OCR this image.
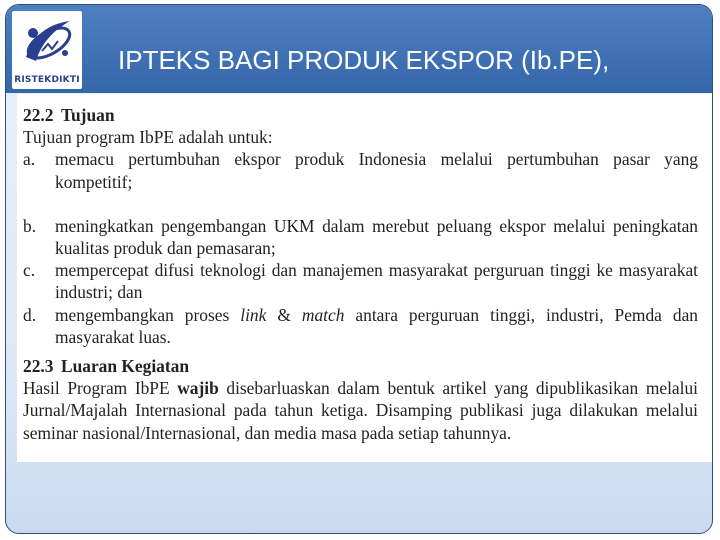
RISTEKDIKTI
IPTEKS BAGI PRODUK EKSPOR (Ib.PE),
22.2 Tujuan
Tujuan program IbPE adalah untuk:
a.	memacu pertumbuhan ekspor produk Indonesia melalui pertumbuhan pasar yang
kompetitif;
b.	meningkatkan pengembangan UKM dalam merebut peluang ekspor melalui peningkatan
kualitas produk dan pemasaran;
c.	mempercepat difusi teknologi dan manajemen masyarakat perguruan tinggi ke masyarakat
industri; dan
d.	mengembangkan proses link & match antara perguruan tinggi, industri, Pemda dan
masyarakat luas.
22.3 Luaran Kegiatan
Hasil Program IbPE wajib disebarluaskan dalam bentuk artikel yang dipublikasikan melalui
Jurnal/Majalah Internasional pada tahun ketiga. Disamping publikasi juga dilakukan melalui
seminar nasional/Internasional, dan media masa pada setiap tahunnya.
